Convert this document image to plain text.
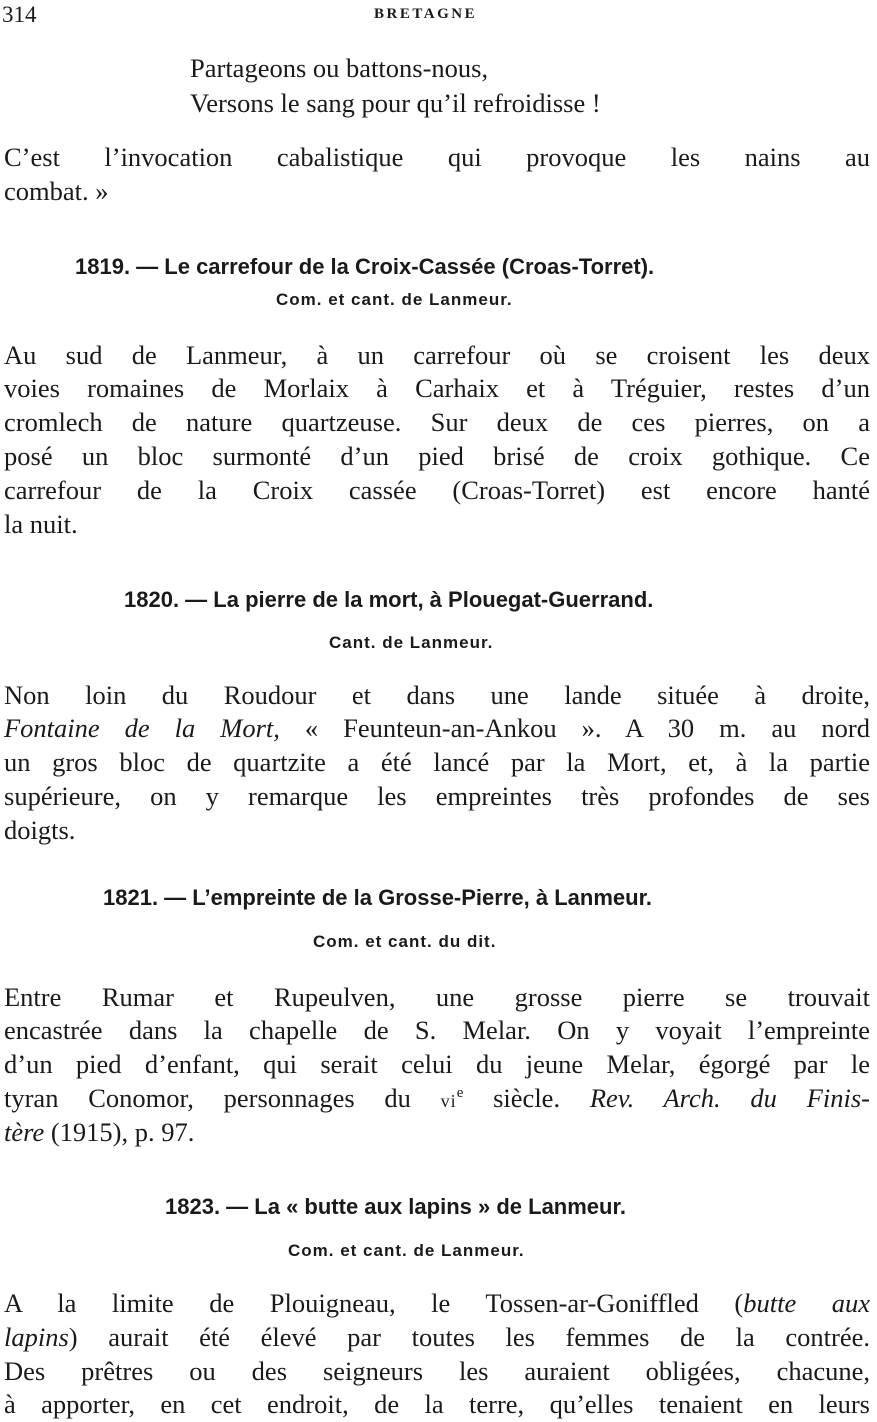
314	BRETAGNE
Partageons ou battons-nous,
Versons le sang pour qu’il refroidisse !
C’est l’invocation cabalistique qui provoque les nains au
combat. »
1819. — Le carrefour de la Croix-Cassée (Croas-Torret).
Com. et cant. de Lanmeur.
Au sud de Lanmeur, à un carrefour où se croisent les deux
voies romaines de Morlaix à Carhaix et à Tréguier, restes d’un
cromlech de nature quartzeuse. Sur deux de ces pierres, on a
posé un bloc surmonté d’un pied brisé de croix gothique. Ce
carrefour de la Croix cassée (Croas-Torret) est encore hanté
la nuit.
1820. — La pierre de la mort, à Plouegat-Guerrand.
Cant. de Lanmeur.
Non loin du Roudour et dans une lande située à droite,
Fontaine de la Mort, « Feunteun-an-Ankou ». A 30 m. au nord
un gros bloc de quartzite a été lancé par la Mort, et, à la partie
supérieure, on y remarque les empreintes très profondes de ses
doigts.
1821. — L’empreinte de la Grosse-Pierre, à Lanmeur.
Com. et cant. du dit.
Entre Rumar et Rupeulven, une grosse pierre se trouvait
encastrée dans la chapelle de S. Melar. On y voyait l’empreinte
d’un pied d’enfant, qui serait celui du jeune Melar, égorgé par le
tyran Conomor, personnages du $vi^e$ siècle. Rev. Arch. du Finis-
tère (1915), p. 97.
1823. — La « butte aux lapins » de Lanmeur.
Com. et cant. de Lanmeur.
A la limite de Plouigneau, le Tossen-ar-Goniffled (butte aux
lapins) aurait été élevé par toutes les femmes de la contrée.
Des prêtres ou des seigneurs les auraient obligées, chacune,
à apporter, en cet endroit, de la terre, qu’elles tenaient en leurs
